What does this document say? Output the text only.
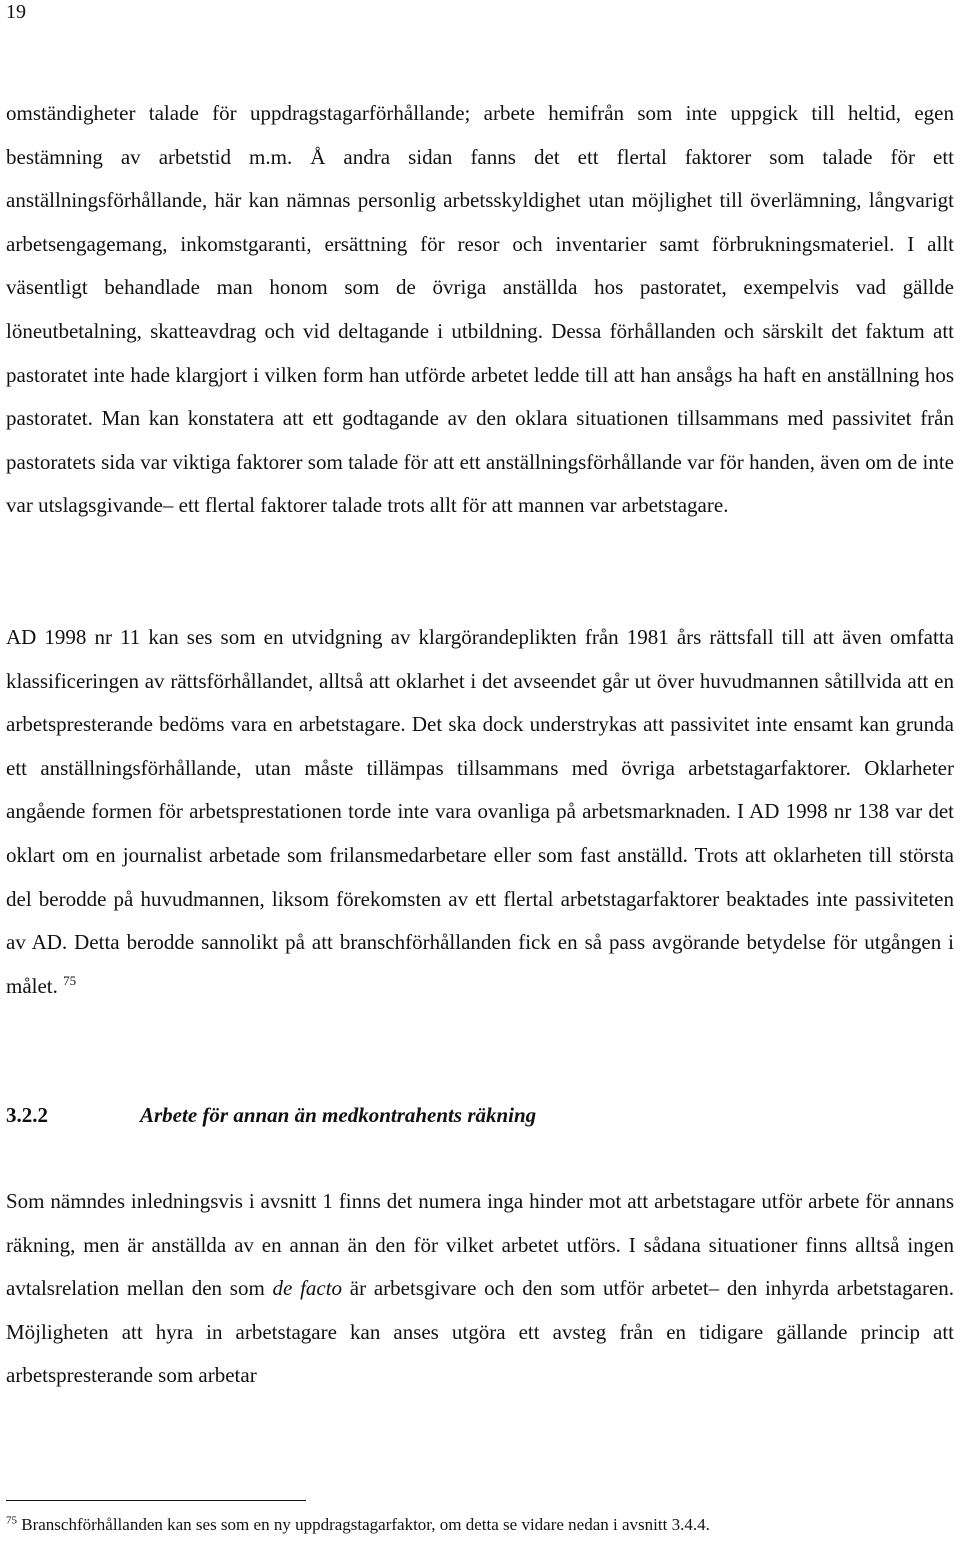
19

omständigheter talade för uppdragstagarförhållande; arbete hemifrån som inte uppgick till heltid, egen bestämning av arbetstid m.m. Å andra sidan fanns det ett flertal faktorer som talade för ett anställningsförhållande, här kan nämnas personlig arbetsskyldighet utan möjlighet till överlämning, långvarigt arbetsengagemang, inkomstgaranti, ersättning för resor och inventarier samt förbrukningsmateriel. I allt väsentligt behandlade man honom som de övriga anställda hos pastoratet, exempelvis vad gällde löneutbetalning, skatteavdrag och vid deltagande i utbildning. Dessa förhållanden och särskilt det faktum att pastoratet inte hade klargjort i vilken form han utförde arbetet ledde till att han ansågs ha haft en anställning hos pastoratet. Man kan konstatera att ett godtagande av den oklara situationen tillsammans med passivitet från pastoratets sida var viktiga faktorer som talade för att ett anställningsförhållande var för handen, även om de inte var utslagsgivande– ett flertal faktorer talade trots allt för att mannen var arbetstagare.

AD 1998 nr 11 kan ses som en utvidgning av klargörandeplikten från 1981 års rättsfall till att även omfatta klassificeringen av rättsförhållandet, alltså att oklarhet i det avseendet går ut över huvudmannen såtillvida att en arbetspresterande bedöms vara en arbetstagare. Det ska dock understrykas att passivitet inte ensamt kan grunda ett anställningsförhållande, utan måste tillämpas tillsammans med övriga arbetstagarfaktorer. Oklarheter angående formen för arbetsprestationen torde inte vara ovanliga på arbetsmarknaden. I AD 1998 nr 138 var det oklart om en journalist arbetade som frilansmedarbetare eller som fast anställd. Trots att oklarheten till största del berodde på huvudmannen, liksom förekomsten av ett flertal arbetstagarfaktorer beaktades inte passiviteten av AD. Detta berodde sannolikt på att branschförhållanden fick en så pass avgörande betydelse för utgången i målet. $^{75}$

3.2.2	Arbete för annan än medkontrahents räkning

Som nämndes inledningsvis i avsnitt 1 finns det numera inga hinder mot att arbetstagare utför arbete för annans räkning, men är anställda av en annan än den för vilket arbetet utförs. I sådana situationer finns alltså ingen avtalsrelation mellan den som de facto är arbetsgivare och den som utför arbetet– den inhyrda arbetstagaren. Möjligheten att hyra in arbetstagare kan anses utgöra ett avsteg från en tidigare gällande princip att arbetspresterande som arbetar

$^{75}$ Branschförhållanden kan ses som en ny uppdragstagarfaktor, om detta se vidare nedan i avsnitt 3.4.4.
